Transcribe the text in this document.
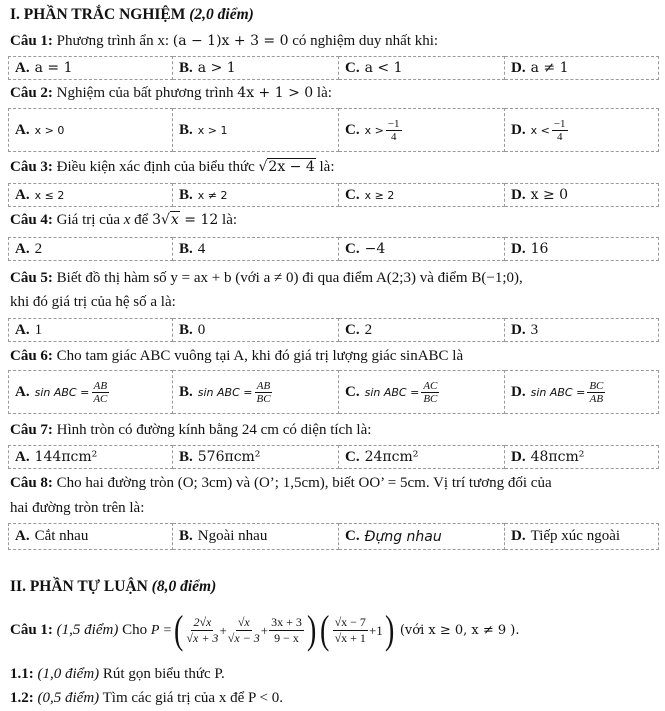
I. PHẦN TRẮC NGHIỆM (2,0 điểm)
Câu 1: Phương trình ẩn x: (a − 1)x + 3 = 0 có nghiệm duy nhất khi:
A. a = 1	B. a > 1	C. a < 1	D. a ≠ 1
Câu 2: Nghiệm của bất phương trình 4x + 1 > 0 là:
A. x > 0	B. x > 1	C. $x > \frac{-1}{4}$	D. $x < \frac{-1}{4}$
Câu 3: Điều kiện xác định của biểu thức √2x − 4 là:
A. x ≤ 2	B. x ≠ 2	C. x ≥ 2	D. x ≥ 0
Câu 4: Giá trị của x để 3√x = 12 là:
A. 2	B. 4	C. −4	D. 16
Câu 5: Biết đồ thị hàm số y = ax + b (với a ≠ 0) đi qua điểm A(2;3) và điểm B(−1;0),
khi đó giá trị của hệ số a là:
A. 1	B. 0	C. 2	D. 3
Câu 6: Cho tam giác ABC vuông tại A, khi đó giá trị lượng giác sinABC là
A. sin ABC = $\frac{AB}{AC}$	B. sin ABC = $\frac{AB}{BC}$	C. sin ABC = $\frac{AC}{BC}$	D. sin ABC = $\frac{BC}{AB}$
Câu 7: Hình tròn có đường kính bằng 24 cm có diện tích là:
A. 144πcm²	B. 576πcm²	C. 24πcm²	D. 48πcm²
Câu 8: Cho hai đường tròn (O; 3cm) và (O’; 1,5cm), biết OO’ = 5cm. Vị trí tương đối của
hai đường tròn trên là:
A. Cắt nhau	B. Ngoài nhau	C. Đựng nhau	D. Tiếp xúc ngoài
II. PHẦN TỰ LUẬN (8,0 điểm)
Câu 1:
(1,5 điểm)
Cho
P = ( $\frac{2√x}{√x + 3} + \frac{√x}{√x - 3} + \frac{3x + 3}{9 - x}$ ) ( $\frac{√x - 7}{√x + 1} +1$ )
(với x ≥ 0, x ≠ 9 ).
1.1: (1,0 điểm) Rút gọn biểu thức P.
1.2: (0,5 điểm) Tìm các giá trị của x để P < 0.
